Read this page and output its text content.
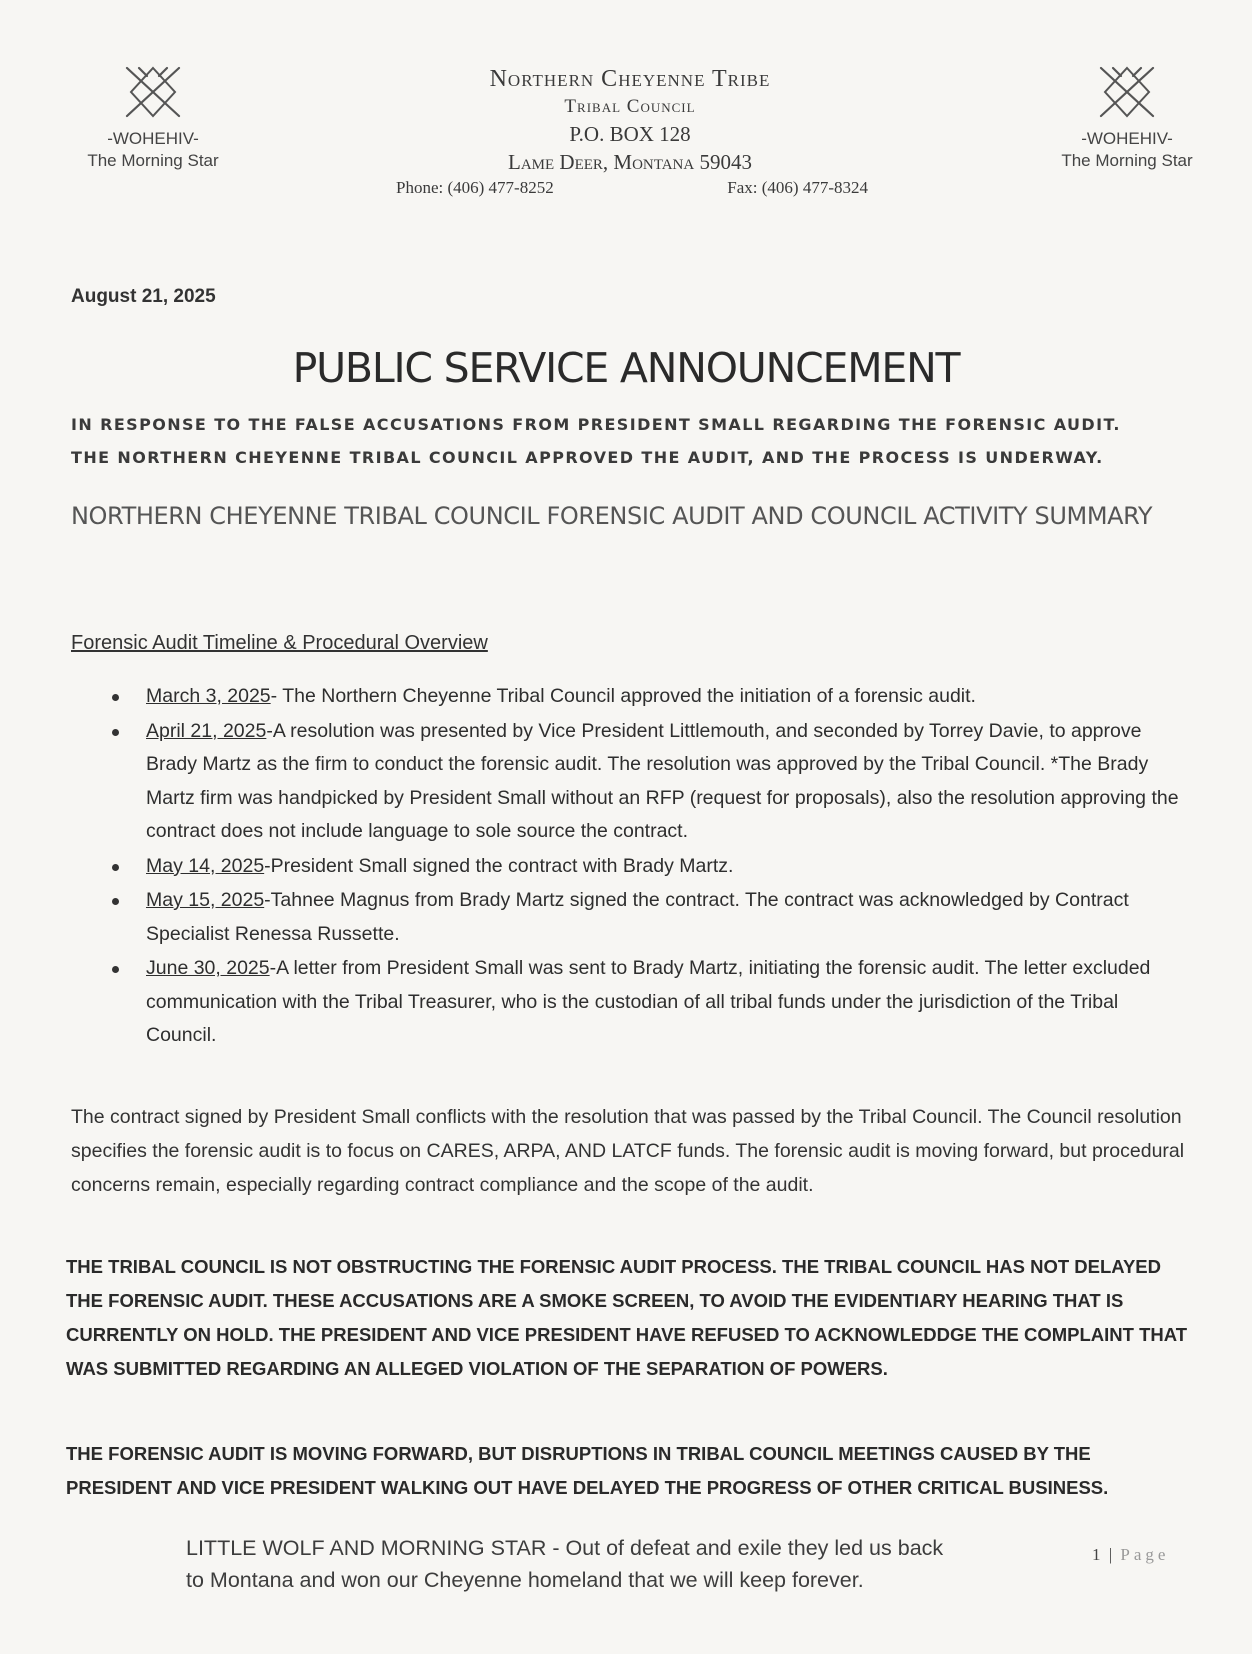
-WOHEHIV-
The Morning Star
Northern Cheyenne Tribe
Tribal Council
P.O. BOX 128
Lame Deer, Montana 59043
Phone: (406) 477-8252	Fax: (406) 477-8324
-WOHEHIV-
The Morning Star
August 21, 2025
PUBLIC SERVICE ANNOUNCEMENT
IN RESPONSE TO THE FALSE ACCUSATIONS FROM PRESIDENT SMALL REGARDING THE FORENSIC AUDIT.
THE NORTHERN CHEYENNE TRIBAL COUNCIL APPROVED THE AUDIT, AND THE PROCESS IS UNDERWAY.
NORTHERN CHEYENNE TRIBAL COUNCIL FORENSIC AUDIT AND COUNCIL ACTIVITY SUMMARY
Forensic Audit Timeline & Procedural Overview
March 3, 2025- The Northern Cheyenne Tribal Council approved the initiation of a forensic audit.
April 21, 2025-A resolution was presented by Vice President Littlemouth, and seconded by Torrey Davie, to approve Brady Martz as the firm to conduct the forensic audit. The resolution was approved by the Tribal Council. *The Brady Martz firm was handpicked by President Small without an RFP (request for proposals), also the resolution approving the contract does not include language to sole source the contract.
May 14, 2025-President Small signed the contract with Brady Martz.
May 15, 2025-Tahnee Magnus from Brady Martz signed the contract. The contract was acknowledged by Contract Specialist Renessa Russette.
June 30, 2025-A letter from President Small was sent to Brady Martz, initiating the forensic audit. The letter excluded communication with the Tribal Treasurer, who is the custodian of all tribal funds under the jurisdiction of the Tribal Council.
The contract signed by President Small conflicts with the resolution that was passed by the Tribal Council. The Council resolution specifies the forensic audit is to focus on CARES, ARPA, AND LATCF funds. The forensic audit is moving forward, but procedural concerns remain, especially regarding contract compliance and the scope of the audit.
THE TRIBAL COUNCIL IS NOT OBSTRUCTING THE FORENSIC AUDIT PROCESS. THE TRIBAL COUNCIL HAS NOT DELAYED THE FORENSIC AUDIT. THESE ACCUSATIONS ARE A SMOKE SCREEN, TO AVOID THE EVIDENTIARY HEARING THAT IS CURRENTLY ON HOLD. THE PRESIDENT AND VICE PRESIDENT HAVE REFUSED TO ACKNOWLEDDGE THE COMPLAINT THAT WAS SUBMITTED REGARDING AN ALLEGED VIOLATION OF THE SEPARATION OF POWERS.
THE FORENSIC AUDIT IS MOVING FORWARD, BUT DISRUPTIONS IN TRIBAL COUNCIL MEETINGS CAUSED BY THE PRESIDENT AND VICE PRESIDENT WALKING OUT HAVE DELAYED THE PROGRESS OF OTHER CRITICAL BUSINESS.
LITTLE WOLF AND MORNING STAR - Out of defeat and exile they led us back
to Montana and won our Cheyenne homeland that we will keep forever.
1 | Page
